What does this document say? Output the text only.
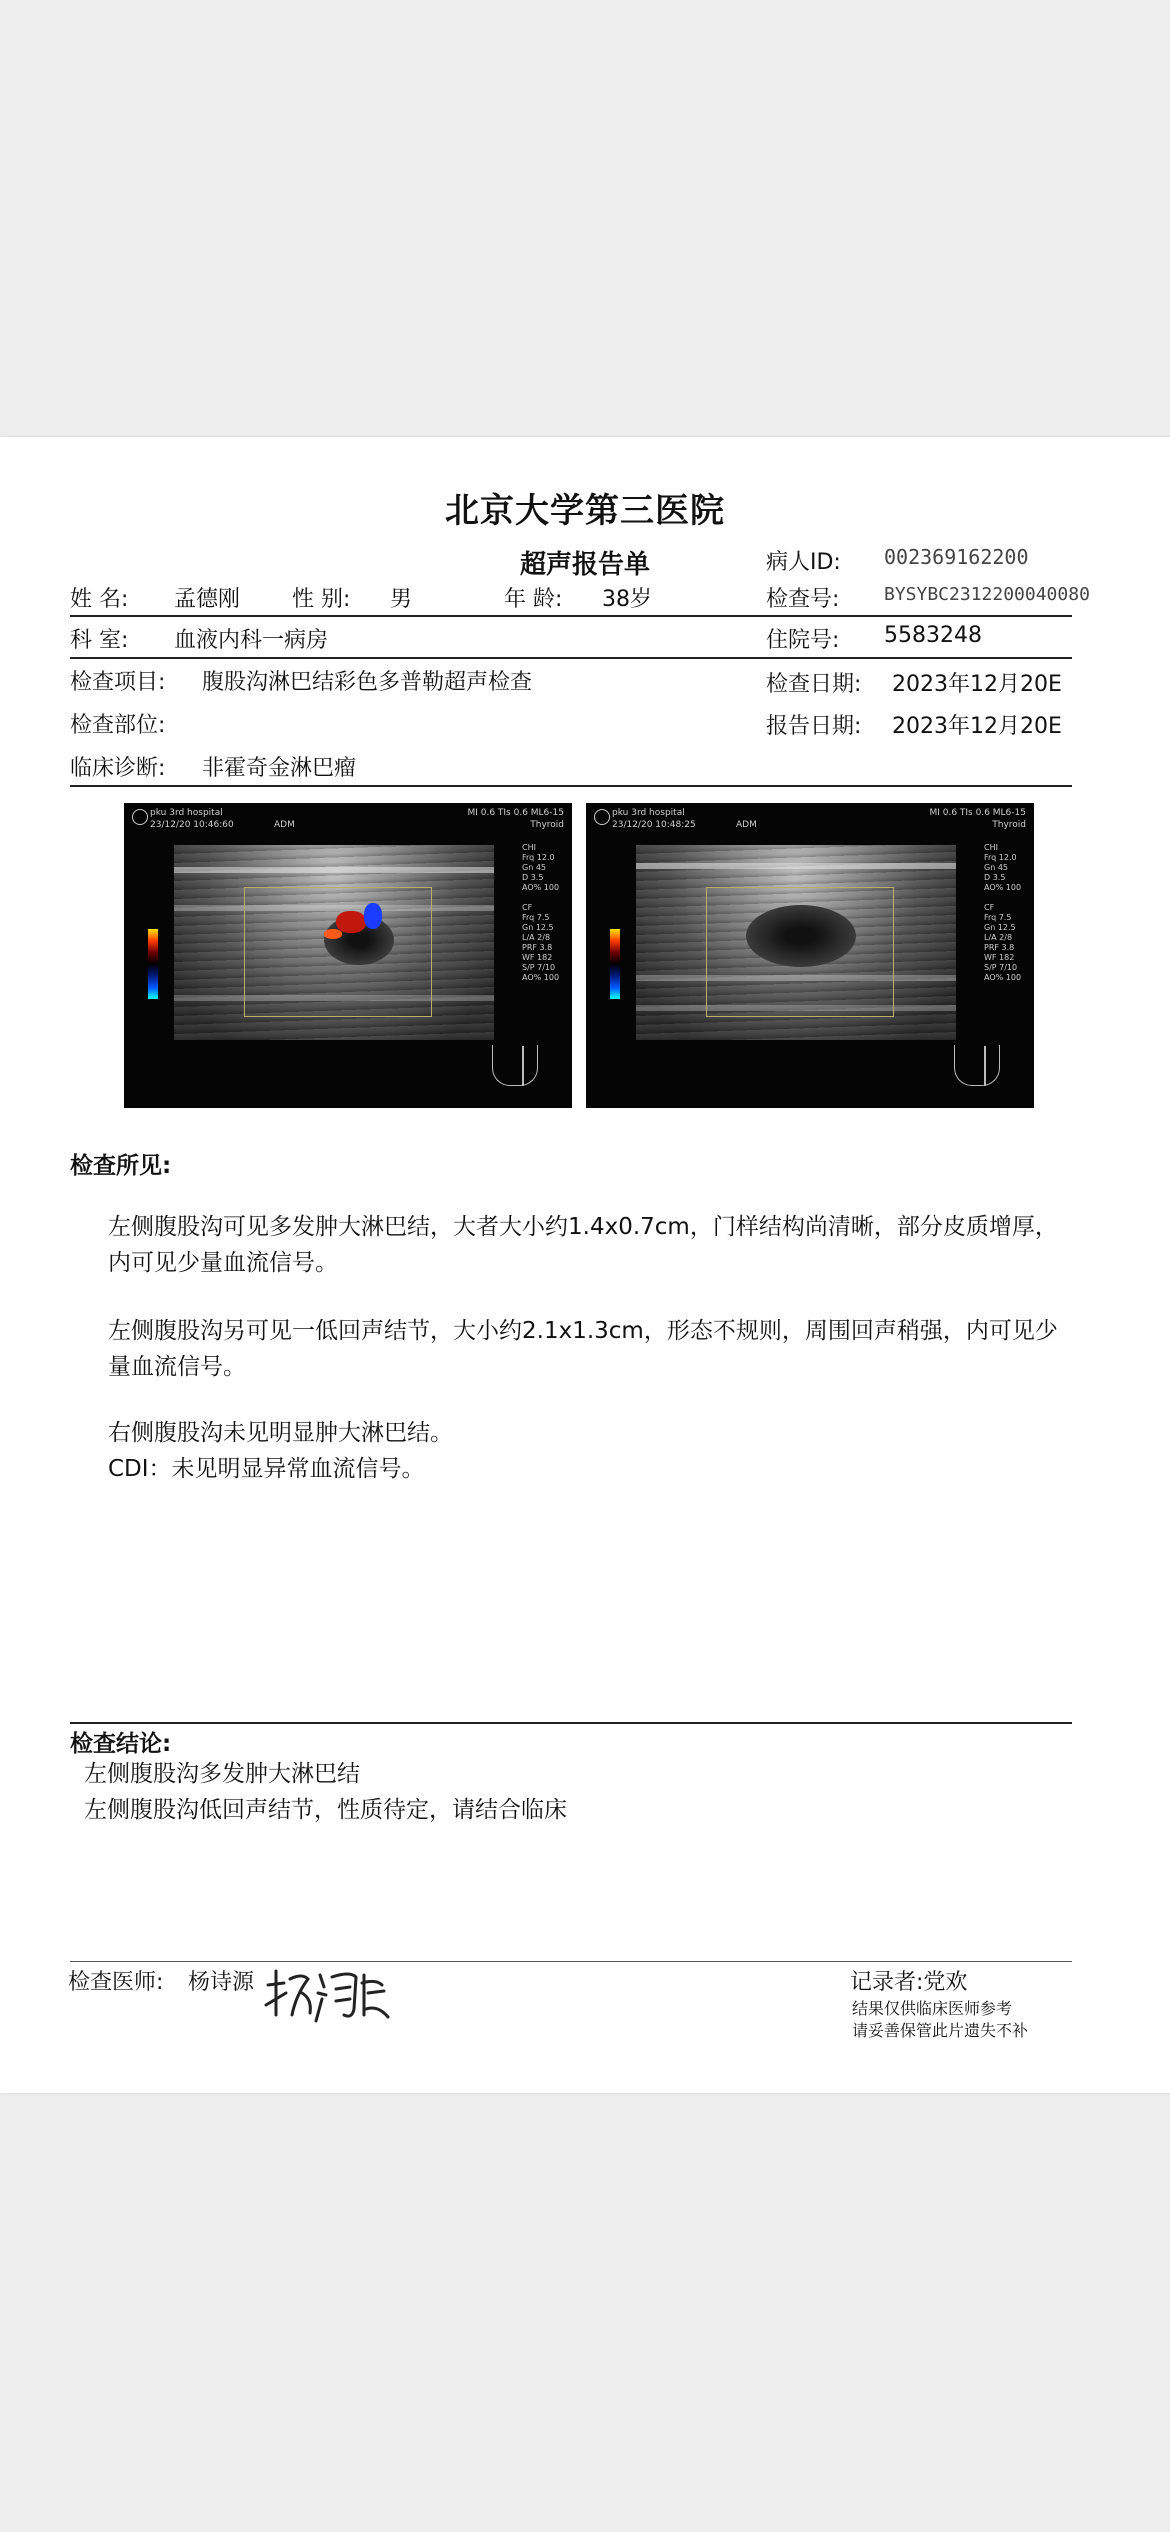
北京大学第三医院
超声报告单	病人ID: 002369162200
姓 名: 孟德刚 性 别: 男	年 龄: 38岁	检查号: BYSYBC2312200040080
科 室: 血液内科一病房	住院号: 5583248
检查项目: 腹股沟淋巴结彩色多普勒超声检查	检查日期: 2023年12月20E
检查部位:	报告日期: 2023年12月20E
临床诊断: 非霍奇金淋巴瘤
pku 3rd hospital
23/12/20 10:46:60	ADM
MI 0.6 TIs 0.6 ML6-15
Thyroid
CHI
Frq 12.0
Gn 45
D 3.5
AO% 100

CF
Frq 7.5
Gn 12.5
L/A 2/8
PRF 3.8
WF 182
S/P 7/10
AO% 100
pku 3rd hospital
23/12/20 10:48:25	ADM
MI 0.6 TIs 0.6 ML6-15
Thyroid
CHI
Frq 12.0
Gn 45
D 3.5
AO% 100

CF
Frq 7.5
Gn 12.5
L/A 2/8
PRF 3.8
WF 182
S/P 7/10
AO% 100
检查所见:
左侧腹股沟可见多发肿大淋巴结，大者大小约1.4x0.7cm，门样结构尚清晰，部分皮质增厚，内可见少量血流信号。
左侧腹股沟另可见一低回声结节，大小约2.1x1.3cm，形态不规则，周围回声稍强，内可见少量血流信号。
右侧腹股沟未见明显肿大淋巴结。
CDI：未见明显异常血流信号。
检查结论:
左侧腹股沟多发肿大淋巴结
左侧腹股沟低回声结节，性质待定，请结合临床
检查医师: 杨诗源	记录者:党欢
结果仅供临床医师参考
请妥善保管此片遗失不补
